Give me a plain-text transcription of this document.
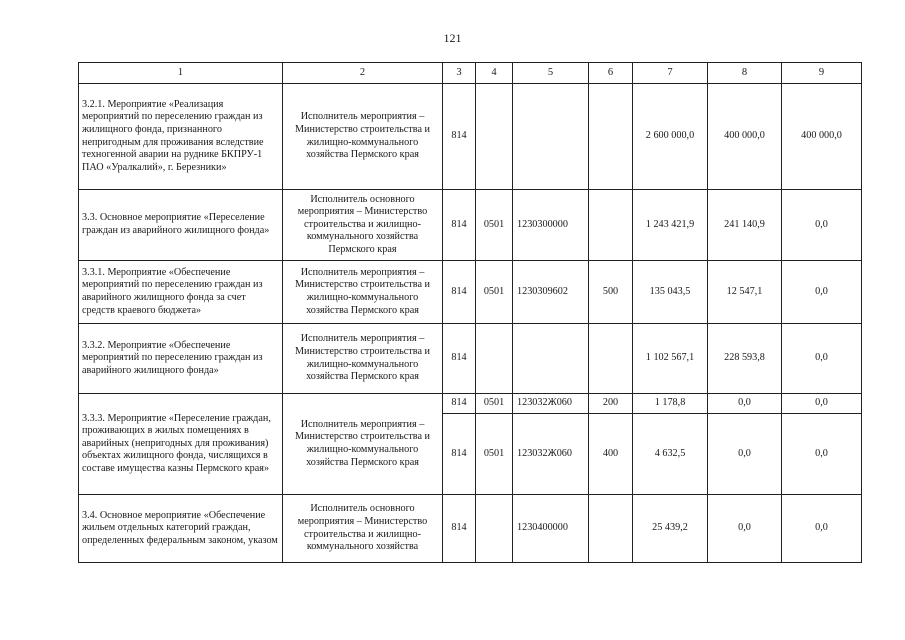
121
1	2	3	4	5	6	7	8	9
3.2.1. Мероприятие «Реализация мероприятий по переселению граждан из жилищного фонда, признанного непригодным для проживания вследствие техногенной аварии на руднике БКПРУ-1 ПАО «Уралкалий», г. Березники»	Исполнитель мероприятия – Министерство строительства и жилищно-коммунального хозяйства Пермского края	814				2 600 000,0	400 000,0	400 000,0
3.3. Основное мероприятие «Переселение граждан из аварийного жилищного фонда»	Исполнитель основного мероприятия – Министерство строительства и жилищно-коммунального хозяйства Пермского края	814	0501	1230300000		1 243 421,9	241 140,9	0,0
3.3.1. Мероприятие «Обеспечение мероприятий по переселению граждан из аварийного жилищного фонда за счет средств краевого бюджета»	Исполнитель мероприятия – Министерство строительства и жилищно-коммунального хозяйства Пермского края	814	0501	1230309602	500	135 043,5	12 547,1	0,0
3.3.2. Мероприятие «Обеспечение мероприятий по переселению граждан из аварийного жилищного фонда»	Исполнитель мероприятия – Министерство строительства и жилищно-коммунального хозяйства Пермского края	814				1 102 567,1	228 593,8	0,0
3.3.3. Мероприятие «Переселение граждан, проживающих в жилых помещениях в аварийных (непригодных для проживания) объектах жилищного фонда, числящихся в составе имущества казны Пермского края»	Исполнитель мероприятия – Министерство строительства и жилищно-коммунального хозяйства Пермского края	814	0501	123032Ж060	200	1 178,8	0,0	0,0
		814	0501	123032Ж060	400	4 632,5	0,0	0,0
3.4. Основное мероприятие «Обеспечение жильем отдельных категорий граждан, определенных федеральным законом, указом	Исполнитель основного мероприятия – Министерство строительства и жилищно-коммунального хозяйства	814		1230400000		25 439,2	0,0	0,0
